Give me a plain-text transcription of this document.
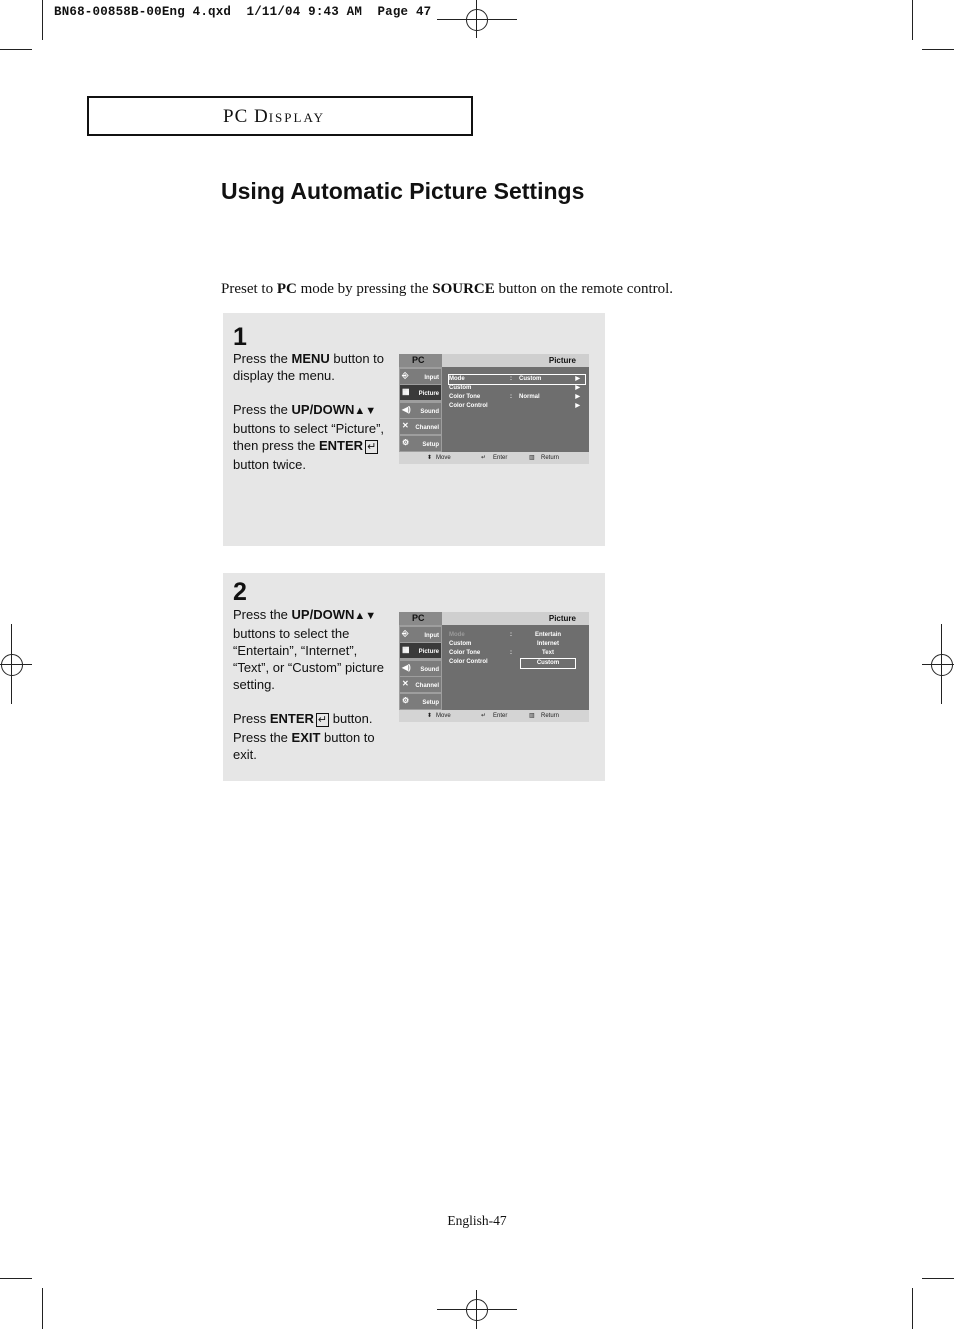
BN68-00858B-00Eng 4.qxd  1/11/04 9:43 AM  Page 47
PC DISPLAY
Using Automatic Picture Settings
Preset to PC mode by pressing the SOURCE button on the remote control.
1

Press the MENU button to display the menu.

Press the UP/DOWN▲▼ buttons to select “Picture”, then press the ENTER ↵ button twice.

PC	Picture
⎆	Input
▦	Picture
◀)	Sound
✕	Channel
⚙	Setup
Mode	: Custom	▶
Custom	▶
Color Tone	: Normal	▶
Color Control	▶
⬍ Move	↵ Enter	▥ Return
2

Press the UP/DOWN▲▼ buttons to select the “Entertain”, “Internet”, “Text”, or “Custom” picture setting.

Press ENTER ↵ button.

Press the EXIT button to exit.

PC	Picture
⎆	Input
▦	Picture
◀)	Sound
✕	Channel
⚙	Setup
Mode	:
Custom
Color Tone	:
Color Control
Entertain
Internet
Text
Custom
⬍ Move	↵ Enter	▥ Return
English-47
